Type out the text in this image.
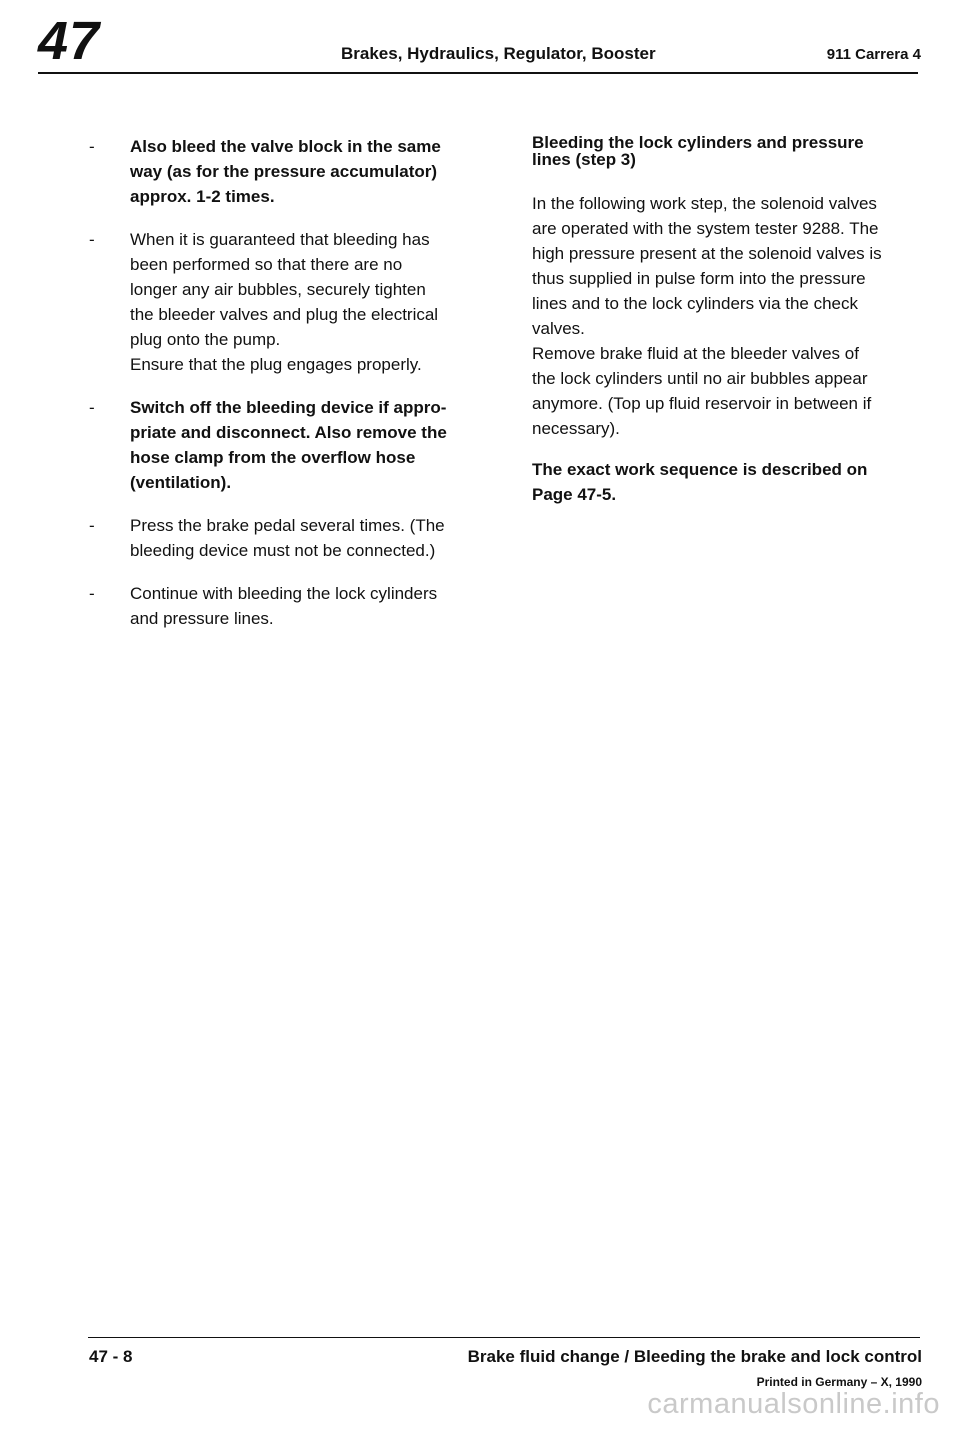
47	Brakes, Hydraulics, Regulator, Booster	911 Carrera 4
- Also bleed the valve block in the same

way (as for the pressure accumulator)

approx. 1-2 times.

- When it is guaranteed that bleeding has

been performed so that there are no

longer any air bubbles, securely tighten

the bleeder valves and plug the electrical

plug onto the pump.

Ensure that the plug engages properly.

- Switch off the bleeding device if appro-

priate and disconnect. Also remove the

hose clamp from the overflow hose

(ventilation).

- Press the brake pedal several times. (The

bleeding device must not be connected.)

- Continue with bleeding the lock cylinders

and pressure lines.

Bleeding the lock cylinders and pressure
lines (step 3)

In the following work step, the solenoid valves

are operated with the system tester 9288. The

high pressure present at the solenoid valves is

thus supplied in pulse form into the pressure

lines and to the lock cylinders via the check

valves.

Remove brake fluid at the bleeder valves of

the lock cylinders until no air bubbles appear

anymore. (Top up fluid reservoir in between if

necessary).

The exact work sequence is described on

Page 47-5.

47 - 8	Brake fluid change / Bleeding the brake and lock control
Printed in Germany – X, 1990
carmanualsonline.info
